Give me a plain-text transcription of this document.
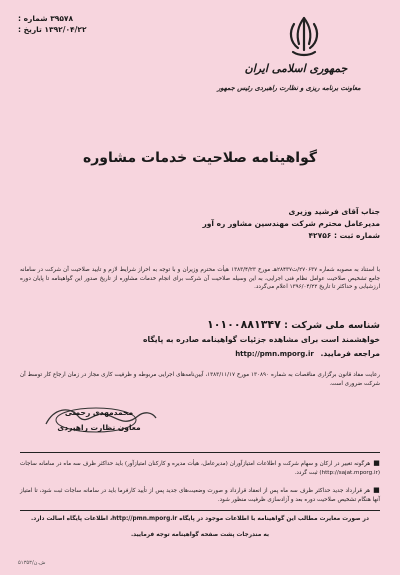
۳۹۵۷۸ شماره :
۱۳۹۲/۰۴/۲۲ تاریخ :
جمهوری اسلامی ایران
معاونت برنامه ریزی و نظارت راهبردی رئیس جمهور
گواهینامه صلاحیت خدمات مشاوره
جناب آقای فرشید وزیری
مدیرعامل محترم شرکت مهندسین مشاور ره آور
شماره ثبت : ۴۲۷۵۶
با استناد به مصوبه شماره ۲۷۰۶۳۷/ت۲۸۴۳۷هـ مورخ ۱۳۸۳/۴/۲۳ هیأت محترم وزیران و با توجه به احراز شرایط لازم و تایید صلاحیت آن شرکت در سامانه جامع تشخیص صلاحیت عوامل نظام فنی اجرایی، به این وسیله صلاحیت آن شرکت برای انجام خدمات مشاوره از تاریخ صدور این گواهینامه تا پایان دوره ارزشیابی و حداکثر تا تاریخ ۱۳۹۶/۰۴/۲۲ اعلام می‌گردد.
شناسه ملی شرکت : ۱۰۱۰۰۸۸۱۳۴۷
خواهشمند است برای مشاهده جزئیات گواهینامه صادره به پایگاه
مراجعه فرمایید. http://pmn.mporg.ir
رعایت مفاد قانون برگزاری مناقصات به شماره ۱۳۰۸۹۰ مورخ ۱۳۸۳/۱۱/۱۷، آیین‌نامه‌های اجرایی مربوطه و ظرفیت کاری مجاز در زمان ارجاع کار توسط آن شرکت ضروری است.
محمدمهدی رحمتی
معاون نظارت راهبردی
■هرگونه تغییر در ارکان و سهام شرکت و اطلاعات امتیازآوران (مدیرعامل، هیأت مدیره و کارکنان امتیازآور) باید حداکثر ظرف سه ماه در سامانه ساجات (http://sajat.mporg.ir) ثبت گردد.
■هر قرارداد جدید حداکثر ظرف سه ماه پس از انعقاد قرارداد و صورت وضعیت‌های جدید پس از تأیید کارفرما باید در سامانه ساجات ثبت شود، تا امتیاز آنها هنگام تشخیص صلاحیت دوره بعد و آزادسازی ظرفیت منظور شود.
در صورت مغایرت مطالب این گواهینامه با اطلاعات موجود در پایگاه http://pmn.mporg.ir، اطلاعات پایگاه اصالت دارد.
به مندرجات پشت صفحه گواهینامه توجه فرمایید.
ش.ن/۵۱۳۵۳
